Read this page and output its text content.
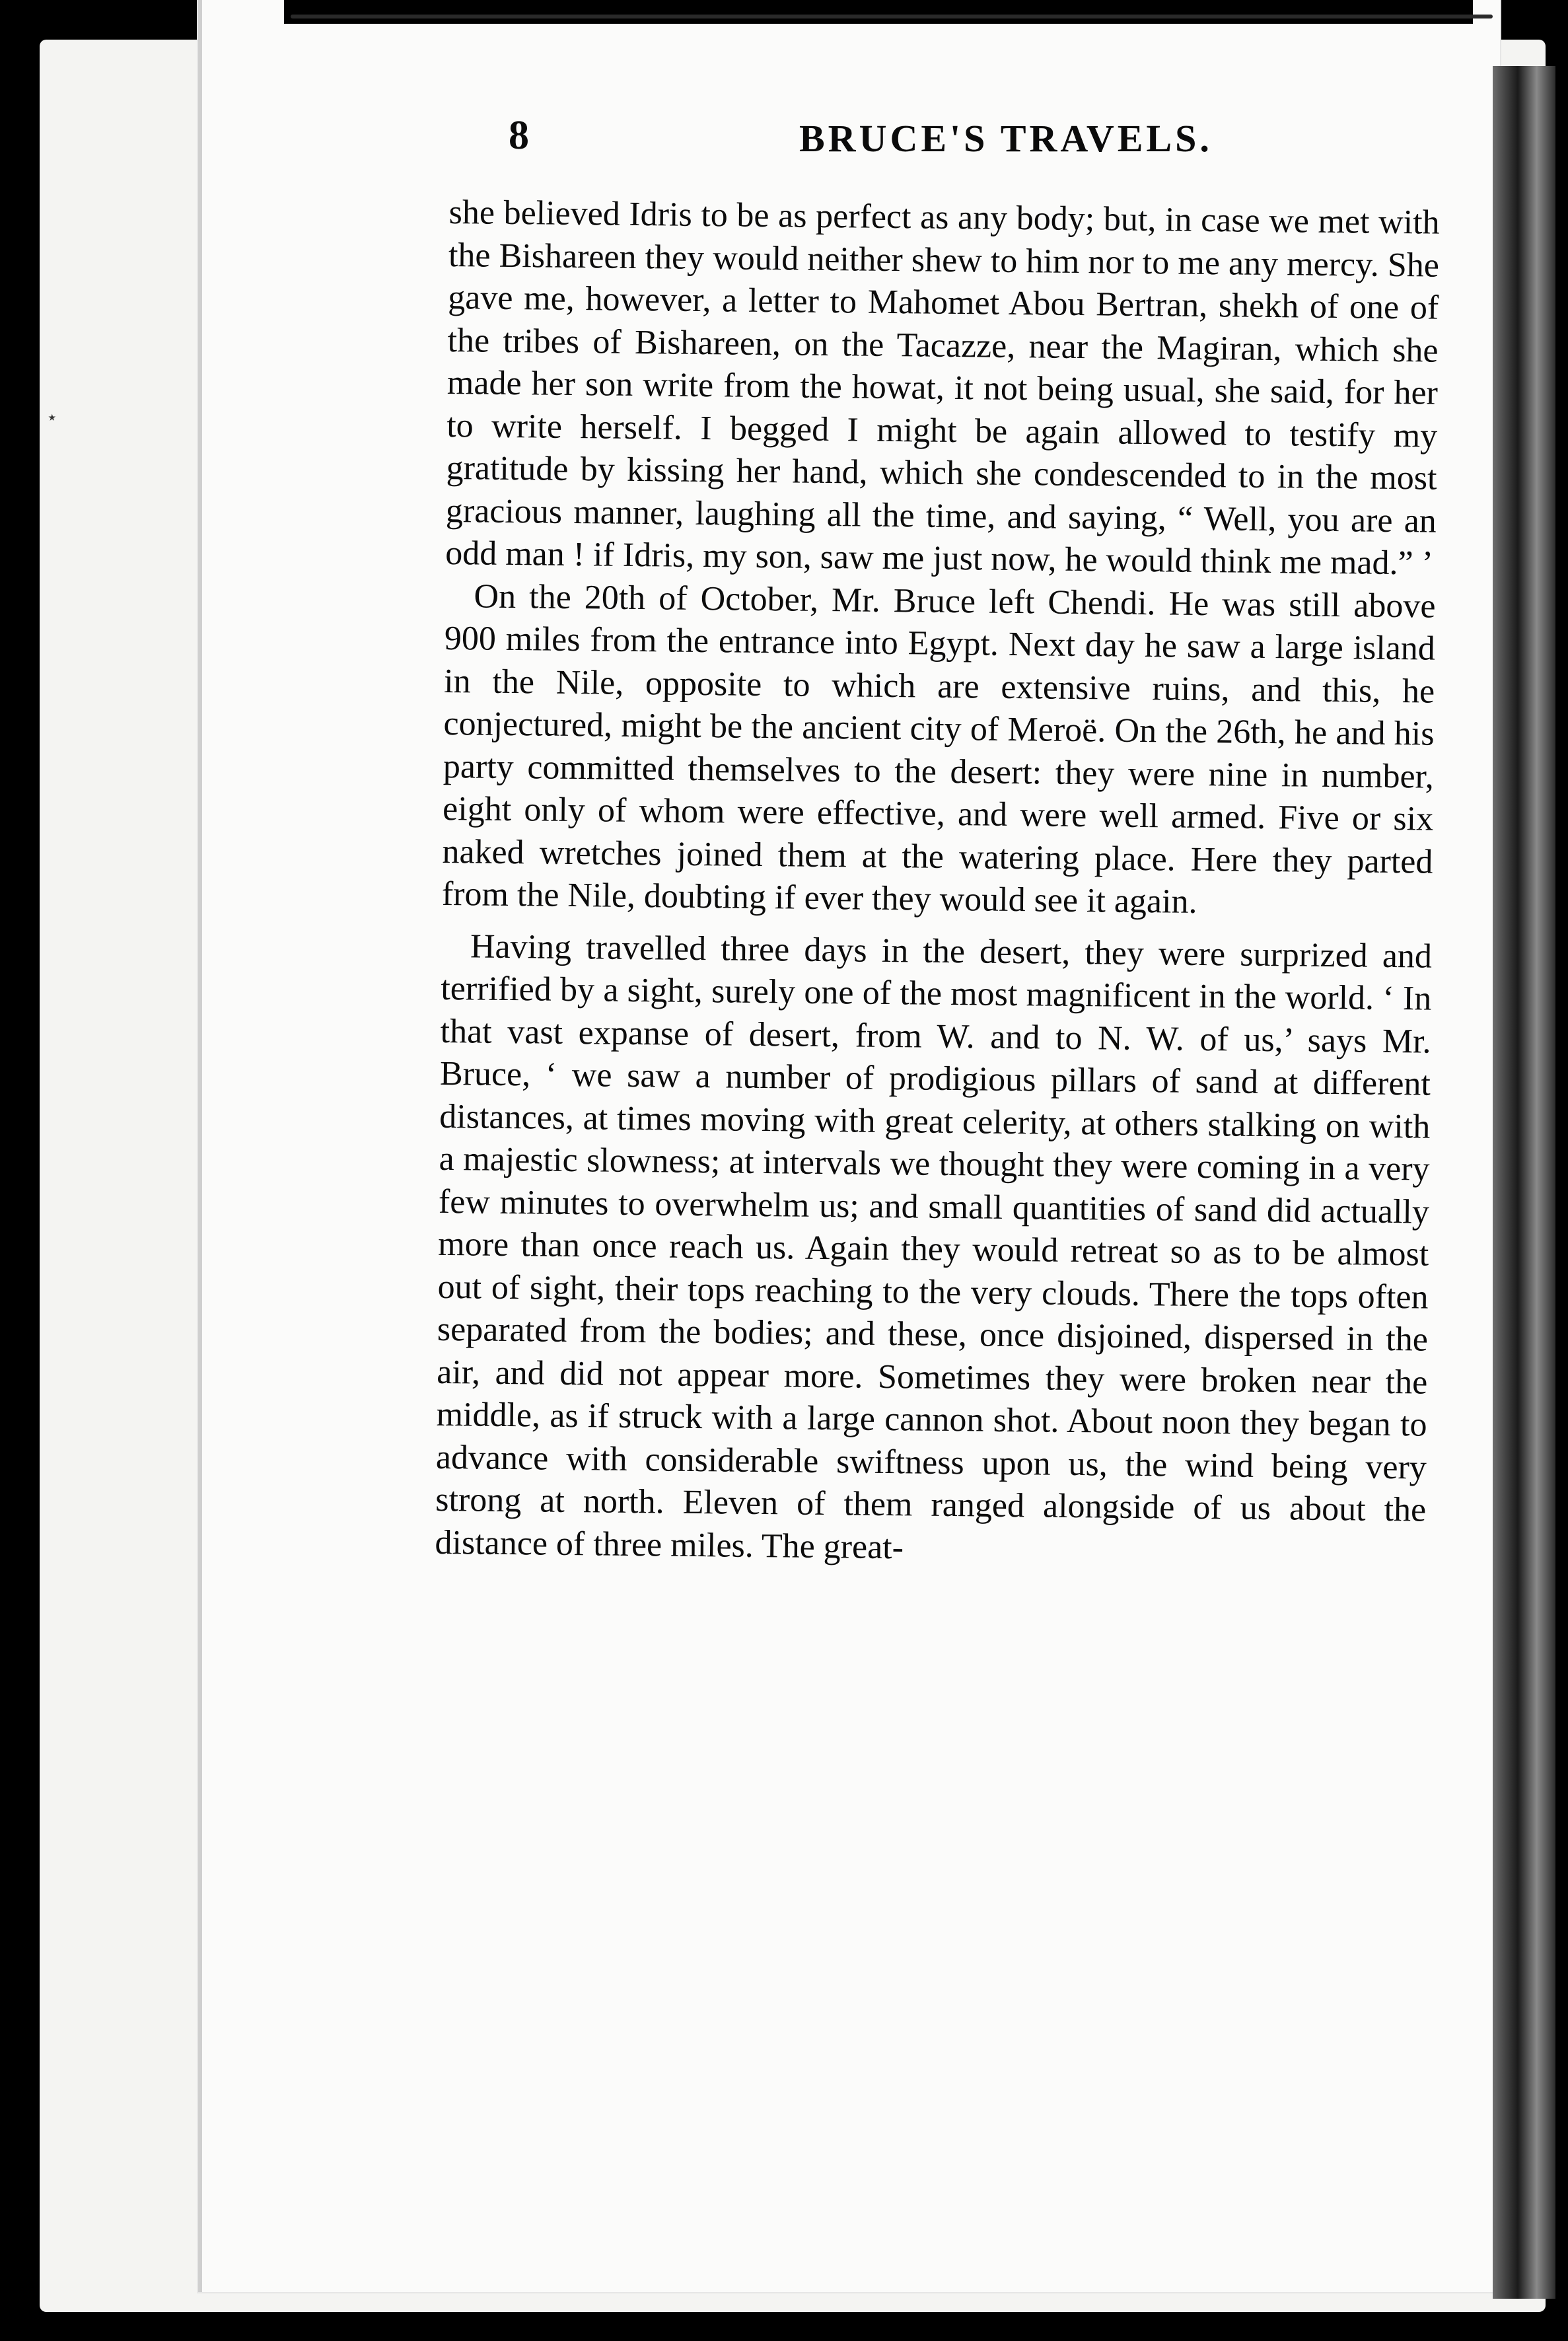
⋆
8	BRUCE'S TRAVELS.

she believed Idris to be as perfect as any body; but, in case we met with the Bishareen they would neither shew to him nor to me any mercy. She gave me, however, a letter to Mahomet Abou Bertran, shekh of one of the tribes of Bishareen, on the Tacazze, near the Magiran, which she made her son write from the howat, it not being usual, she said, for her to write herself. I begged I might be again allowed to testify my gratitude by kissing her hand, which she condescended to in the most gracious manner, laughing all the time, and saying, “ Well, you are an odd man ! if Idris, my son, saw me just now, he would think me mad.” ’

On the 20th of October, Mr. Bruce left Chendi. He was still above 900 miles from the entrance into Egypt. Next day he saw a large island in the Nile, opposite to which are extensive ruins, and this, he conjectured, might be the ancient city of Meroë. On the 26th, he and his party committed themselves to the desert: they were nine in number, eight only of whom were effective, and were well armed. Five or six naked wretches joined them at the watering place. Here they parted from the Nile, doubting if ever they would see it again.

Having travelled three days in the desert, they were surprized and terrified by a sight, surely one of the most magnificent in the world. ‘ In that vast expanse of desert, from W. and to N. W. of us,’ says Mr. Bruce, ‘ we saw a number of prodigious pillars of sand at different distances, at times moving with great celerity, at others stalking on with a majestic slowness; at intervals we thought they were coming in a very few minutes to overwhelm us; and small quantities of sand did actually more than once reach us. Again they would retreat so as to be almost out of sight, their tops reaching to the very clouds. There the tops often separated from the bodies; and these, once disjoined, dispersed in the air, and did not appear more. Sometimes they were broken near the middle, as if struck with a large cannon shot. About noon they began to advance with considerable swiftness upon us, the wind being very strong at north. Eleven of them ranged alongside of us about the distance of three miles. The great-
